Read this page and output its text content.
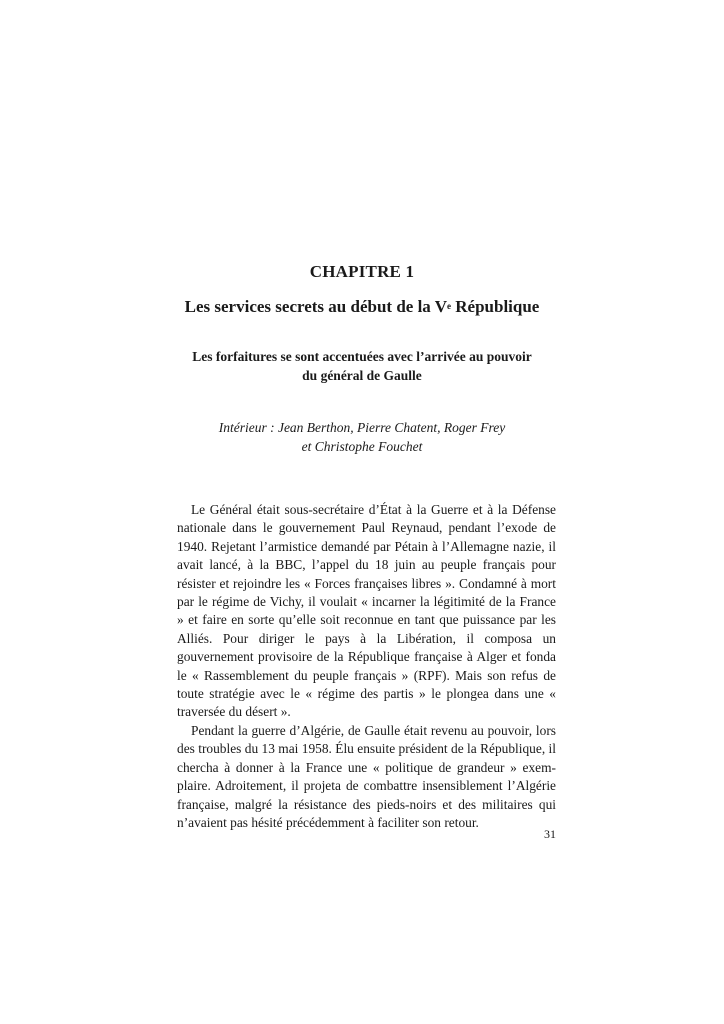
CHAPITRE 1
Les services secrets au début de la Ve République
Les forfaitures se sont accentuées avec l’arrivée au pouvoir
du général de Gaulle
Intérieur : Jean Berthon, Pierre Chatent, Roger Frey
et Christophe Fouchet

Le Général était sous-secrétaire d’État à la Guerre et à la Défense nationale dans le gouvernement Paul Reynaud, pendant l’exode de 1940. Rejetant l’armistice demandé par Pétain à l’Allemagne nazie, il avait lancé, à la BBC, l’appel du 18 juin au peuple français pour résister et rejoindre les « Forces françaises libres ». Condamné à mort par le régime de Vichy, il voulait « incarner la légitimité de la France » et faire en sorte qu’elle soit reconnue en tant que puissance par les Alliés. Pour diriger le pays à la Libération, il composa un gouvernement provisoire de la République française à Alger et fonda le « Rassemblement du peuple français » (RPF). Mais son refus de toute stratégie avec le « régime des partis » le plongea dans une « traversée du désert ».

Pendant la guerre d’Algérie, de Gaulle était revenu au pouvoir, lors des troubles du 13 mai 1958. Élu ensuite président de la République, il chercha à donner à la France une « politique de grandeur » exemplaire. Adroitement, il projeta de combattre insensiblement l’Algérie française, malgré la résistance des pieds-noirs et des militaires qui n’avaient pas hésité précédemment à faciliter son retour.

31
